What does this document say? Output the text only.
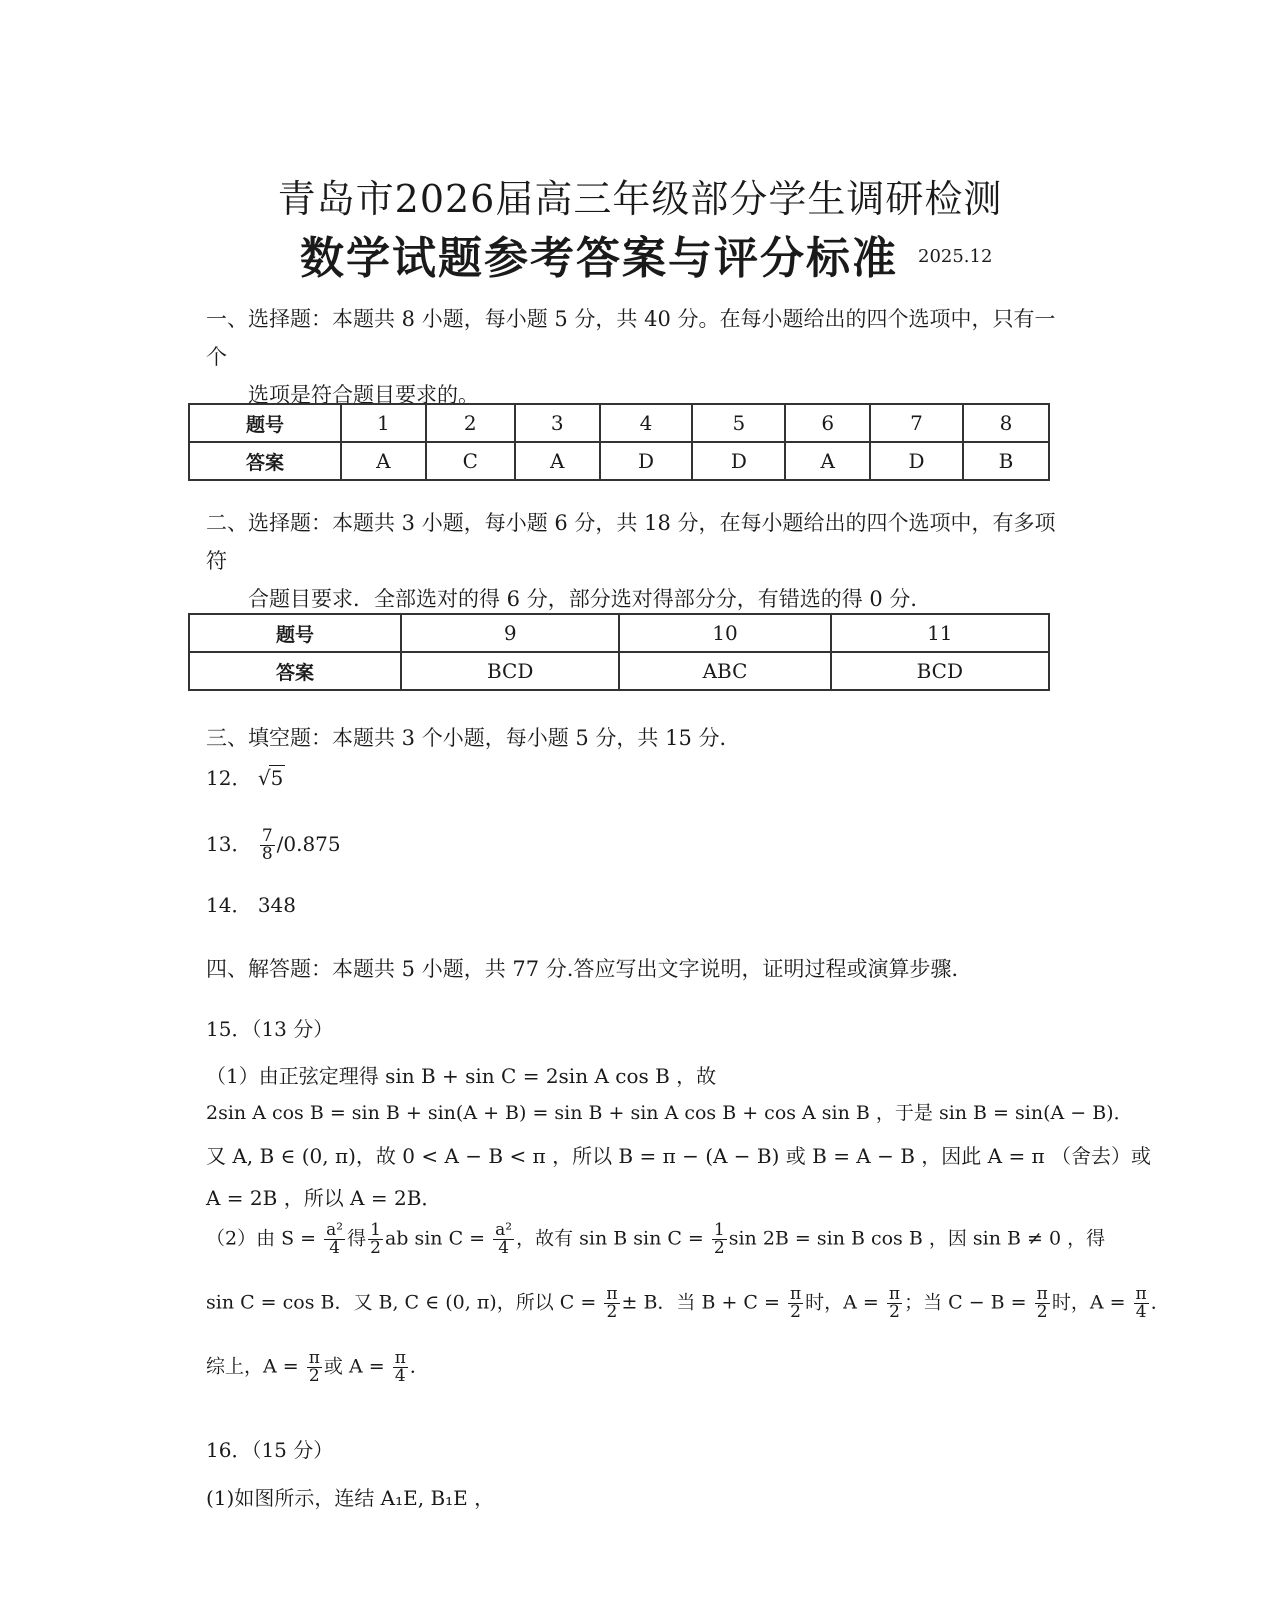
青岛市2026届高三年级部分学生调研检测
数学试题参考答案与评分标准 2025.12
一、选择题：本题共 8 小题，每小题 5 分，共 40 分。在每小题给出的四个选项中，只有一个
选项是符合题目要求的。
题号	1	2	3	4	5	6	7	8
答案	A	C	A	D	D	A	D	B
二、选择题：本题共 3 小题，每小题 6 分，共 18 分，在每小题给出的四个选项中，有多项符
合题目要求．全部选对的得 6 分，部分选对得部分分，有错选的得 0 分．
题号	9	10	11
答案	BCD	ABC	BCD
三、填空题：本题共 3 个小题，每小题 5 分，共 15 分．
12． √5
13． $\frac{7}{8} /0.875$
14． 348
四、解答题：本题共 5 小题，共 77 分.答应写出文字说明，证明过程或演算步骤．
15．（13 分）
（1）由正弦定理得 sin B + sin C = 2sin A cos B ，故
2sin A cos B = sin B + sin(A + B) = sin B + sin A cos B + cos A sin B ，于是 sin B = sin(A − B)．
又 A, B ∈ (0, π)，故 0 < A − B < π ，所以 B = π − (A − B) 或 B = A − B ，因此 A = π （舍去）或
A = 2B ，所以 A = 2B．
（2）由 $S = \frac{\text{a²}}{4}$ 得 $\frac{1}{2}$ ab $\sin C = \frac{\text{a²}}{4}$ ，故有 sin B $\sin C = \frac{1}{2}$ sin 2B = sin B cos B ，因 sin B ≠ 0 ，得
sin C = cos B．又 B, C ∈ (0, π)，所以 $C = \frac{\pi}{2} \pm B$．当 $B + C = \frac{\pi}{2}$ 时，$A = \frac{\pi}{2}$ ；当 $C - B = \frac{\pi}{2}$ 时，$A = \frac{\pi}{4}$ ．
综上，$A = \frac{\pi}{2}$ 或 $A = \frac{\pi}{4}$ ．
16．（15 分）
(1)如图所示，连结 A₁E, B₁E ，
